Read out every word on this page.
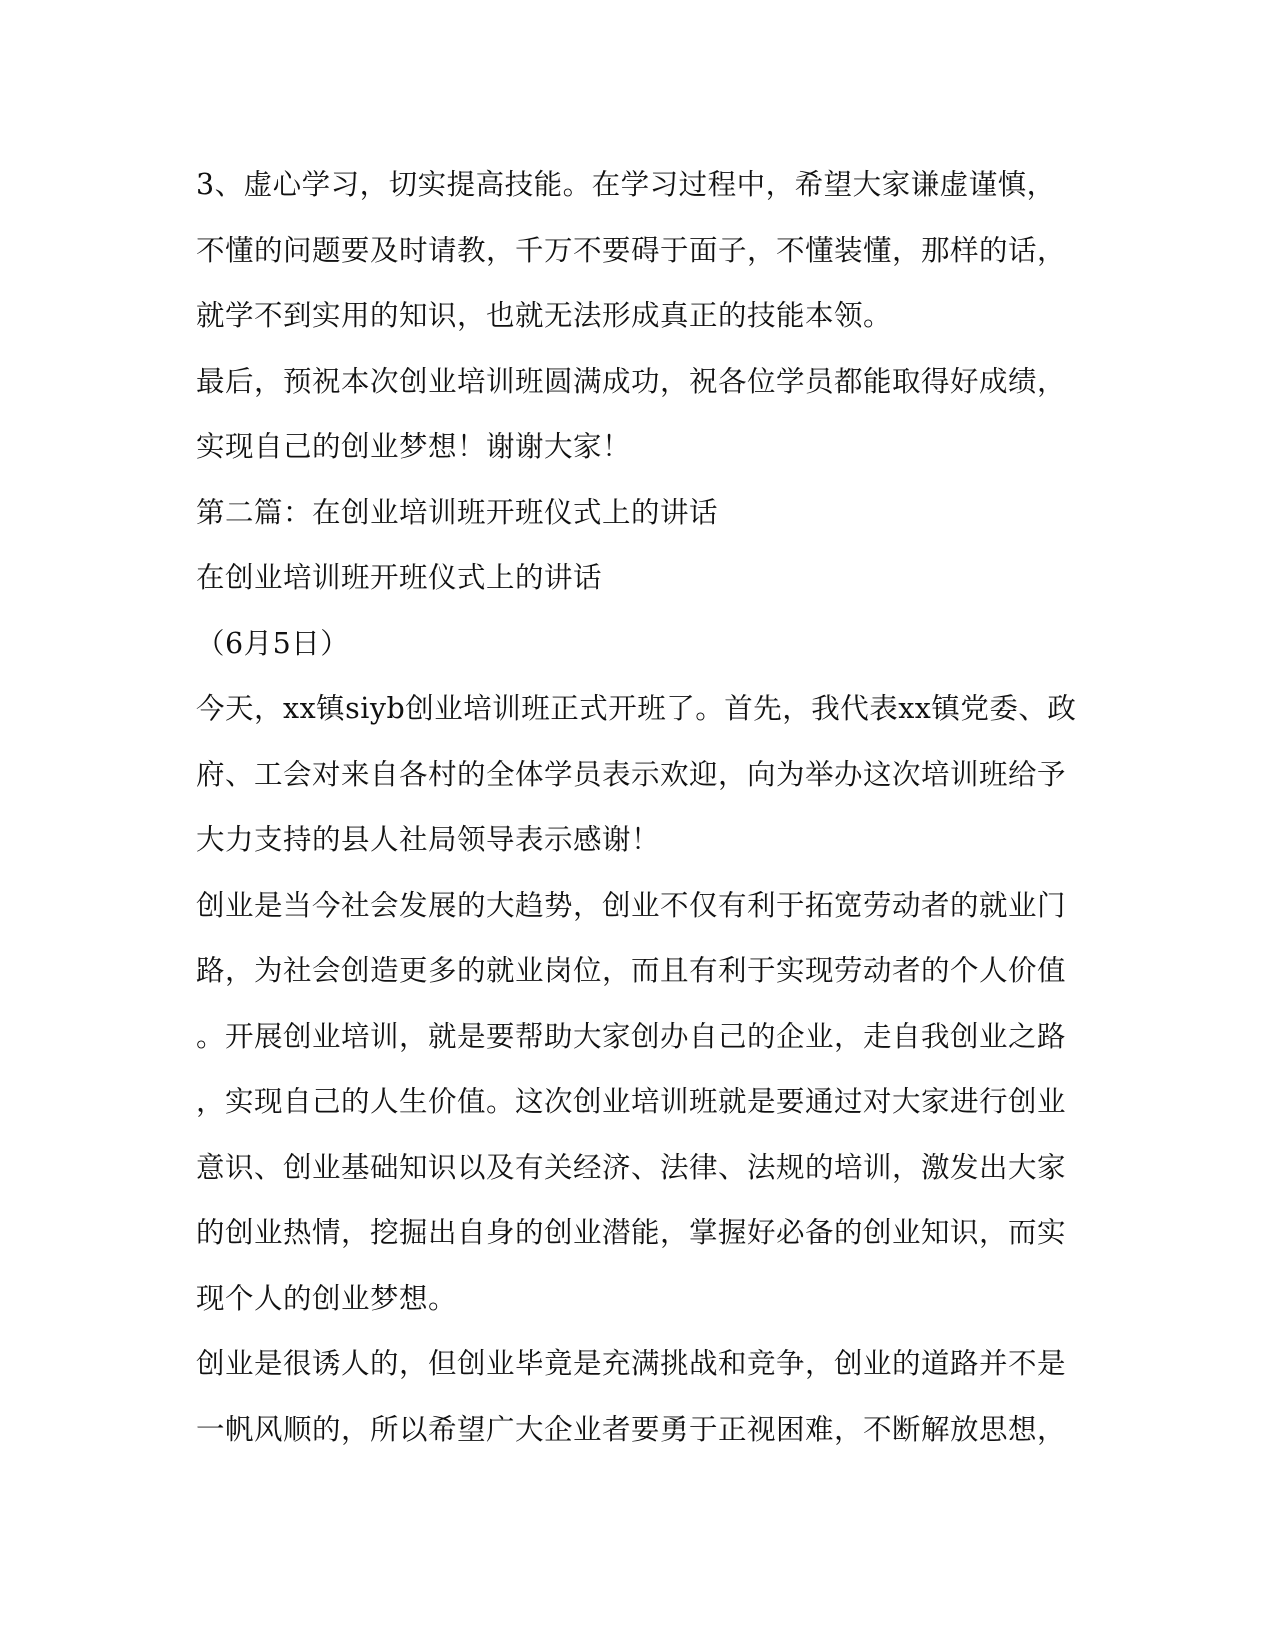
3、虚心学习，切实提高技能。在学习过程中，希望大家谦虚谨慎，
不懂的问题要及时请教，千万不要碍于面子，不懂装懂，那样的话，
就学不到实用的知识，也就无法形成真正的技能本领。
最后，预祝本次创业培训班圆满成功，祝各位学员都能取得好成绩，
实现自己的创业梦想！谢谢大家！
第二篇：在创业培训班开班仪式上的讲话
在创业培训班开班仪式上的讲话
（6月5日）
今天，xx镇siyb创业培训班正式开班了。首先，我代表xx镇党委、政
府、工会对来自各村的全体学员表示欢迎，向为举办这次培训班给予
大力支持的县人社局领导表示感谢！
创业是当今社会发展的大趋势，创业不仅有利于拓宽劳动者的就业门
路，为社会创造更多的就业岗位，而且有利于实现劳动者的个人价值
。开展创业培训，就是要帮助大家创办自己的企业，走自我创业之路
，实现自己的人生价值。这次创业培训班就是要通过对大家进行创业
意识、创业基础知识以及有关经济、法律、法规的培训，激发出大家
的创业热情，挖掘出自身的创业潜能，掌握好必备的创业知识，而实
现个人的创业梦想。
创业是很诱人的，但创业毕竟是充满挑战和竞争，创业的道路并不是
一帆风顺的，所以希望广大企业者要勇于正视困难，不断解放思想，
